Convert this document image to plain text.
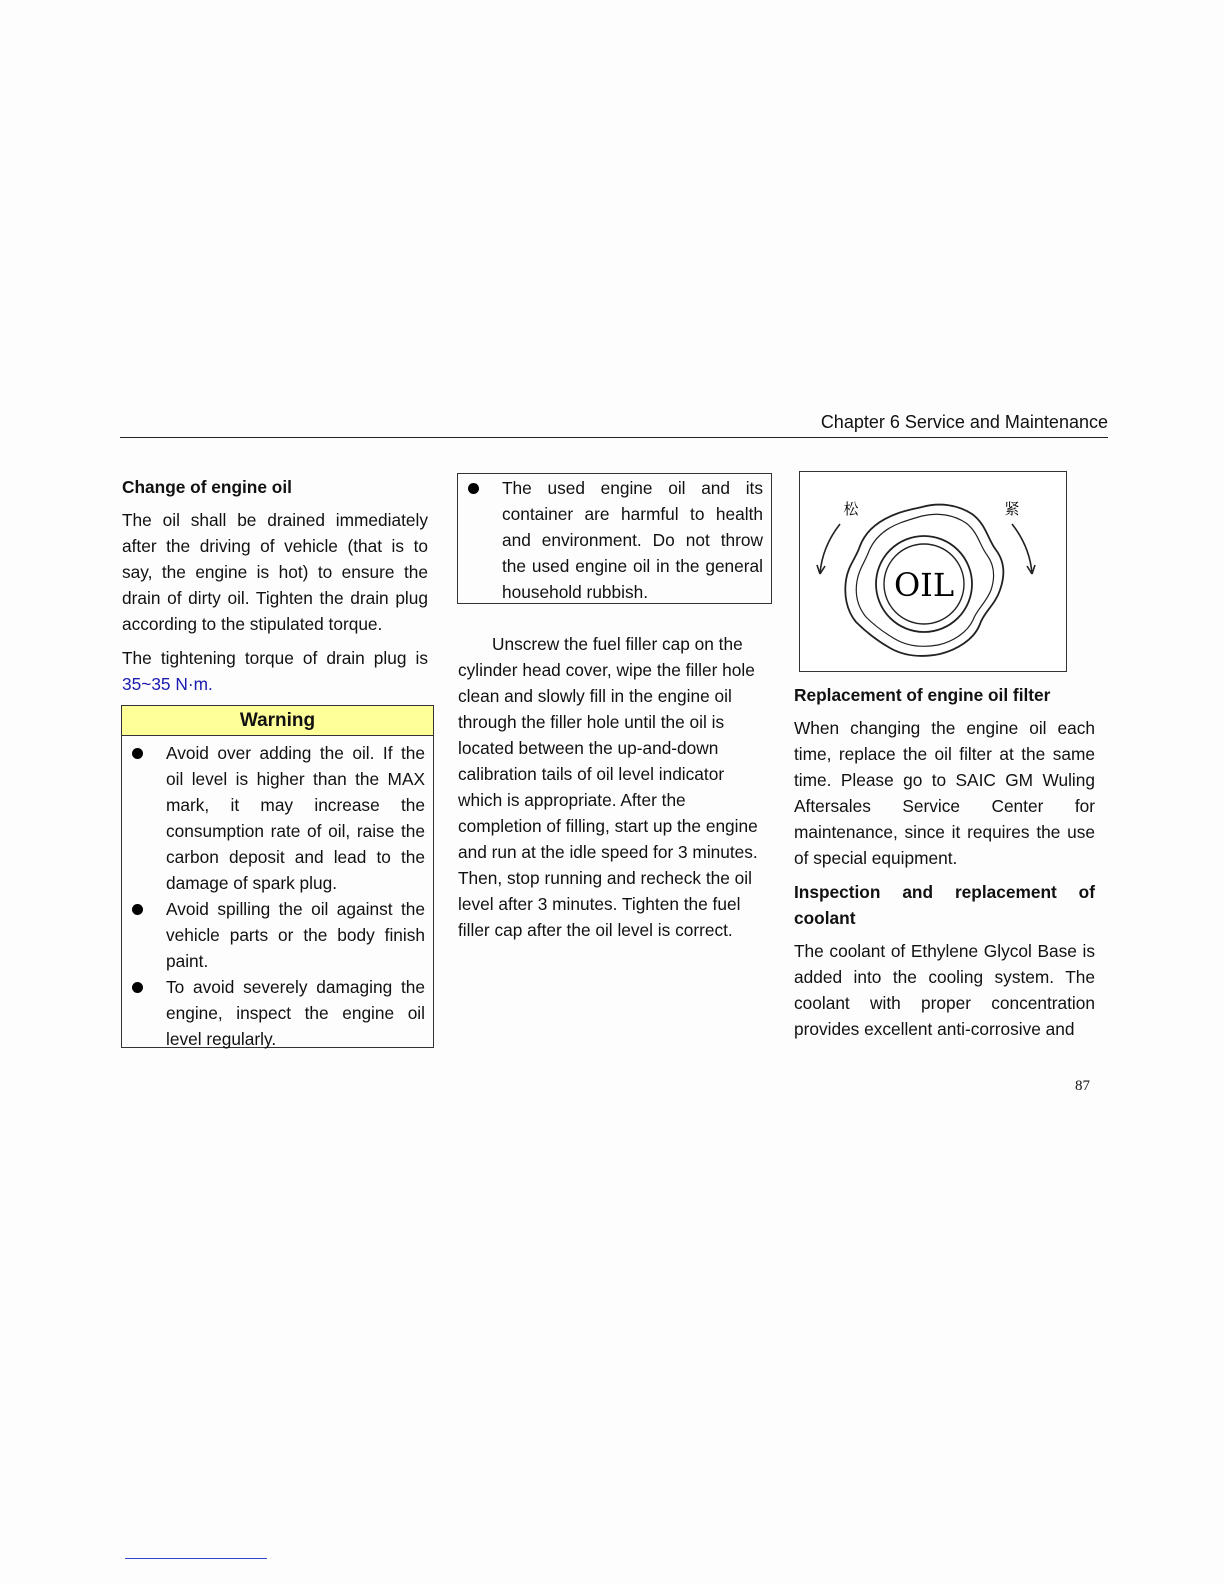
Chapter 6 Service and Maintenance

Change of engine oil

The oil shall be drained immediately after the driving of vehicle (that is to say, the engine is hot) to ensure the drain of dirty oil. Tighten the drain plug according to the stipulated torque.

The tightening torque of drain plug is 35~35 N·m.

Warning
Avoid over adding the oil. If the oil level is higher than the MAX mark, it may increase the consumption rate of oil, raise the carbon deposit and lead to the damage of spark plug.
Avoid spilling the oil against the vehicle parts or the body finish paint.
To avoid severely damaging the engine, inspect the engine oil level regularly.
The used engine oil and its container are harmful to health and environment. Do not throw the used engine oil in the general household rubbish.

Unscrew the fuel filler cap on the cylinder head cover, wipe the filler hole clean and slowly fill in the engine oil through the filler hole until the oil is located between the up-and-down calibration tails of oil level indicator which is appropriate. After the completion of filling, start up the engine and run at the idle speed for 3 minutes. Then, stop running and recheck the oil level after 3 minutes. Tighten the fuel filler cap after the oil level is correct.

松	紧
OIL

Replacement of engine oil filter

When changing the engine oil each time, replace the oil filter at the same time. Please go to SAIC GM Wuling Aftersales Service Center for maintenance, since it requires the use of special equipment.

Inspection and replacement of coolant

The coolant of Ethylene Glycol Base is added into the cooling system. The coolant with proper concentration provides excellent anti-corrosive and

87
